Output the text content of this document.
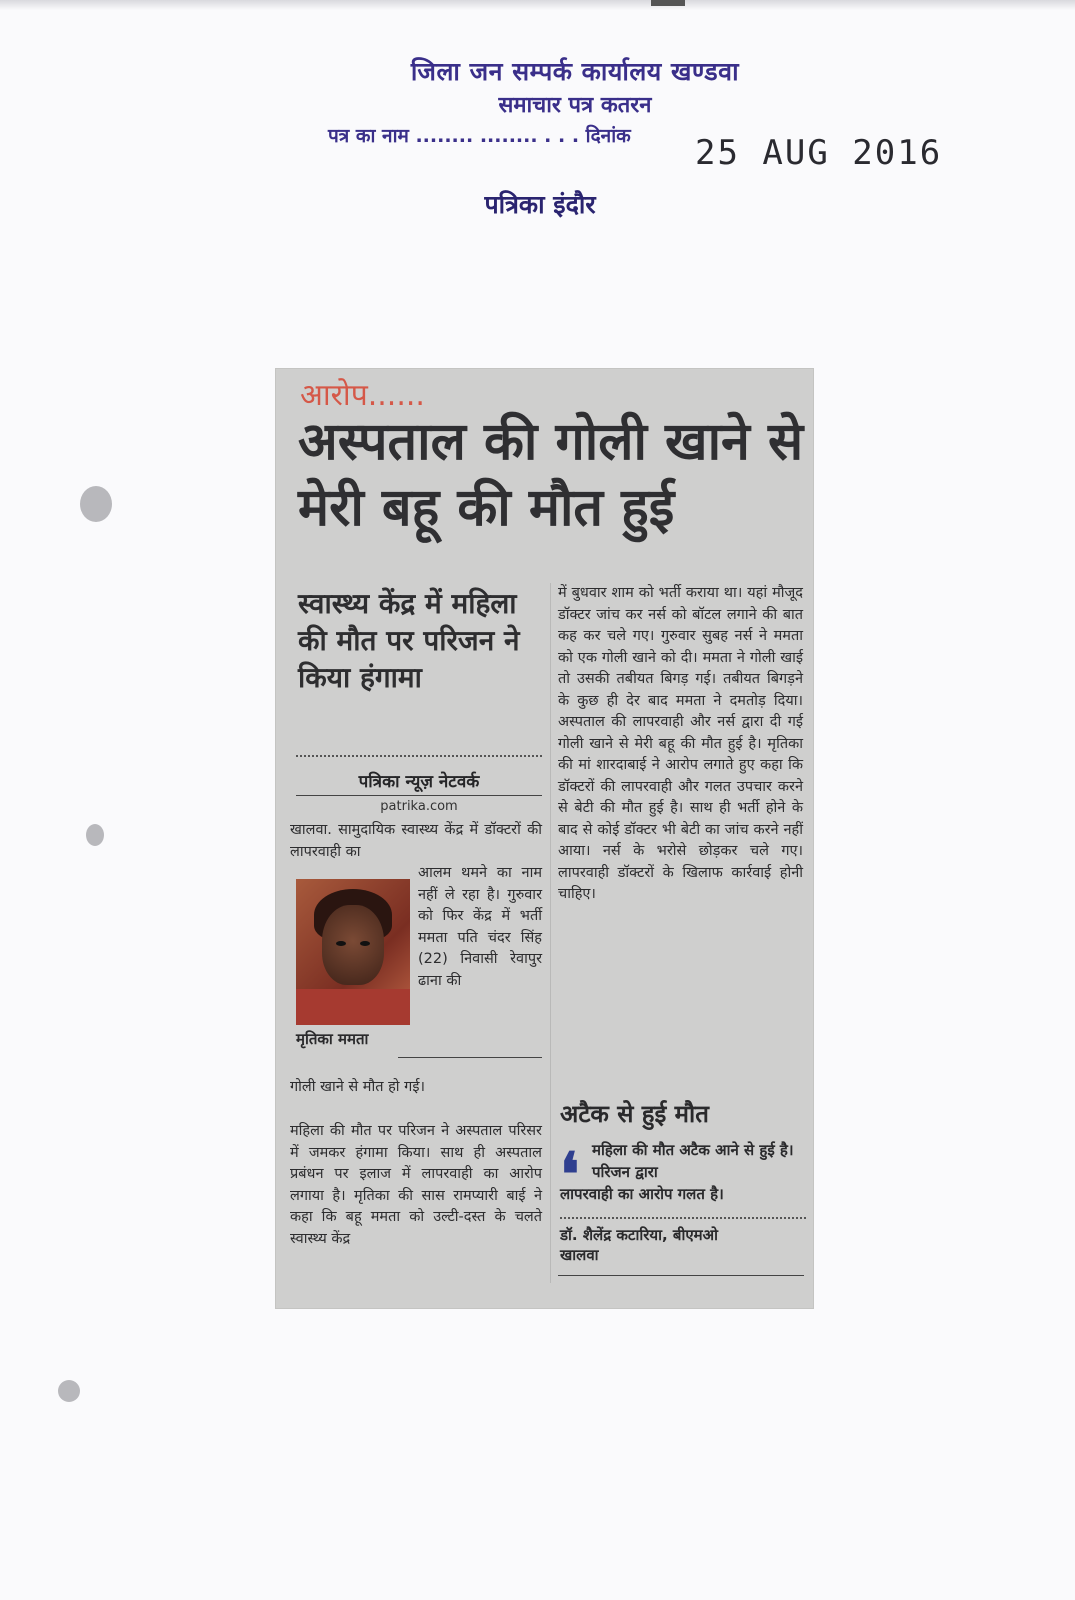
जिला जन सम्पर्क कार्यालय खण्डवा
समाचार पत्र कतरन
पत्र का नाम ........ ........ . . . दिनांक 25 AUG 2016
पत्रिका इंदौर
आरोप......
अस्पताल की गोली खाने से मेरी बहू की मौत हुई
स्वास्थ्य केंद्र में महिला की मौत पर परिजन ने किया हंगामा
पत्रिका न्यूज़ नेटवर्क
patrika.com
खालवा. सामुदायिक स्वास्थ्य केंद्र में डॉक्टरों की लापरवाही का
आलम थमने का नाम नहीं ले रहा है। गुरुवार को फिर केंद्र में भर्ती ममता पति चंदर सिंह (22) निवासी रेवापुर ढाना की
मृतिका ममता
गोली खाने से मौत हो गई।
महिला की मौत पर परिजन ने अस्पताल परिसर में जमकर हंगामा किया। साथ ही अस्पताल प्रबंधन पर इलाज में लापरवाही का आरोप लगाया है। मृतिका की सास रामप्यारी बाई ने कहा कि बहू ममता को उल्टी-दस्त के चलते स्वास्थ्य केंद्र
में बुधवार शाम को भर्ती कराया था। यहां मौजूद डॉक्टर जांच कर नर्स को बॉटल लगाने की बात कह कर चले गए। गुरुवार सुबह नर्स ने ममता को एक गोली खाने को दी। ममता ने गोली खाई तो उसकी तबीयत बिगड़ गई। तबीयत बिगड़ने के कुछ ही देर बाद ममता ने दमतोड़ दिया। अस्पताल की लापरवाही और नर्स द्वारा दी गई गोली खाने से मेरी बहू की मौत हुई है। मृतिका की मां शारदाबाई ने आरोप लगाते हुए कहा कि डॉक्टरों की लापरवाही और गलत उपचार करने से बेटी की मौत हुई है। साथ ही भर्ती होने के बाद से कोई डॉक्टर भी बेटी का जांच करने नहीं आया। नर्स के भरोसे छोड़कर चले गए। लापरवाही डॉक्टरों के खिलाफ कार्रवाई होनी चाहिए।
अटैक से हुई मौत
❛ महिला की मौत अटैक आने से हुई है। परिजन द्वारा
लापरवाही का आरोप गलत है।
डॉ. शैलेंद्र कटारिया, बीएमओ
खालवा
